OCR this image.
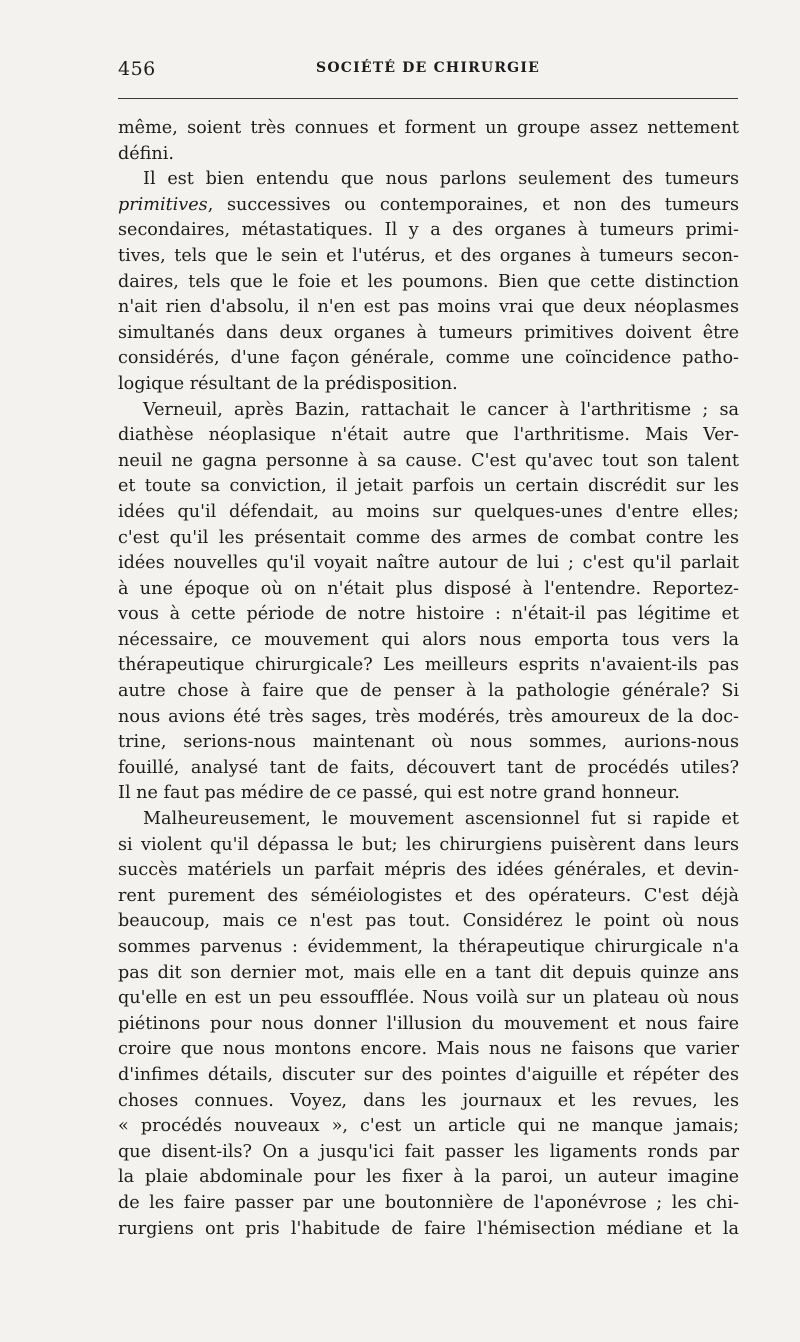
456	SOCIÉTÉ DE CHIRURGIE
même, soient très connues et forment un groupe assez nettement
défini.
Il est bien entendu que nous parlons seulement des tumeurs
primitives, successives ou contemporaines, et non des tumeurs
secondaires, métastatiques. Il y a des organes à tumeurs primi-
tives, tels que le sein et l'utérus, et des organes à tumeurs secon-
daires, tels que le foie et les poumons. Bien que cette distinction
n'ait rien d'absolu, il n'en est pas moins vrai que deux néoplasmes
simultanés dans deux organes à tumeurs primitives doivent être
considérés, d'une façon générale, comme une coïncidence patho-
logique résultant de la prédisposition.
Verneuil, après Bazin, rattachait le cancer à l'arthritisme ; sa
diathèse néoplasique n'était autre que l'arthritisme. Mais Ver-
neuil ne gagna personne à sa cause. C'est qu'avec tout son talent
et toute sa conviction, il jetait parfois un certain discrédit sur les
idées qu'il défendait, au moins sur quelques-unes d'entre elles;
c'est qu'il les présentait comme des armes de combat contre les
idées nouvelles qu'il voyait naître autour de lui ; c'est qu'il parlait
à une époque où on n'était plus disposé à l'entendre. Reportez-
vous à cette période de notre histoire : n'était-il pas légitime et
nécessaire, ce mouvement qui alors nous emporta tous vers la
thérapeutique chirurgicale? Les meilleurs esprits n'avaient-ils pas
autre chose à faire que de penser à la pathologie générale? Si
nous avions été très sages, très modérés, très amoureux de la doc-
trine, serions-nous maintenant où nous sommes, aurions-nous
fouillé, analysé tant de faits, découvert tant de procédés utiles?
Il ne faut pas médire de ce passé, qui est notre grand honneur.
Malheureusement, le mouvement ascensionnel fut si rapide et
si violent qu'il dépassa le but; les chirurgiens puisèrent dans leurs
succès matériels un parfait mépris des idées générales, et devin-
rent purement des séméiologistes et des opérateurs. C'est déjà
beaucoup, mais ce n'est pas tout. Considérez le point où nous
sommes parvenus : évidemment, la thérapeutique chirurgicale n'a
pas dit son dernier mot, mais elle en a tant dit depuis quinze ans
qu'elle en est un peu essoufflée. Nous voilà sur un plateau où nous
piétinons pour nous donner l'illusion du mouvement et nous faire
croire que nous montons encore. Mais nous ne faisons que varier
d'infimes détails, discuter sur des pointes d'aiguille et répéter des
choses connues. Voyez, dans les journaux et les revues, les
« procédés nouveaux », c'est un article qui ne manque jamais;
que disent-ils? On a jusqu'ici fait passer les ligaments ronds par
la plaie abdominale pour les fixer à la paroi, un auteur imagine
de les faire passer par une boutonnière de l'aponévrose ; les chi-
rurgiens ont pris l'habitude de faire l'hémisection médiane et la
